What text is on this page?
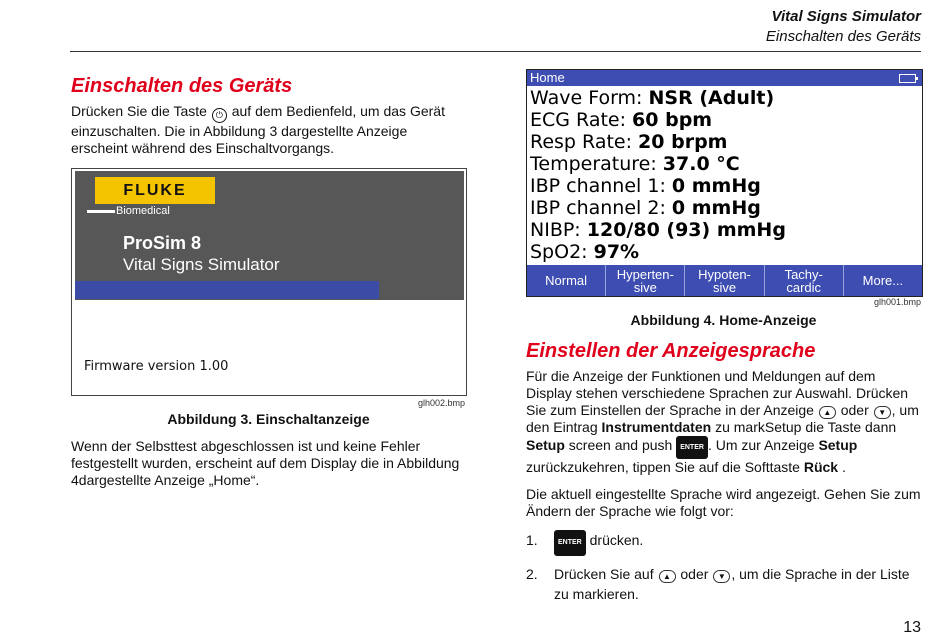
Vital Signs Simulator
Einschalten des Geräts
Einschalten des Geräts

Drücken Sie die Taste ⏻ auf dem Bedienfeld, um das Gerät einzuschalten. Die in Abbildung 3 dargestellte Anzeige erscheint während des Einschaltvorgangs.

FLUKE
Biomedical
ProSim 8
Vital Signs Simulator
Firmware version 1.00
glh002.bmp
Abbildung 3. Einschaltanzeige

Wenn der Selbsttest abgeschlossen ist und keine Fehler festgestellt wurden, erscheint auf dem Display die in Abbildung 4dargestellte Anzeige „Home“.

Home
Wave Form: NSR (Adult)
ECG Rate: 60 bpm
Resp Rate: 20 brpm
Temperature: 37.0 °C
IBP channel 1: 0 mmHg
IBP channel 2: 0 mmHg
NIBP: 120/80 (93) mmHg
SpO2: 97%
Normal Hyperten-
sive
Hypoten-
sive
Tachy-
cardic	More...
glh001.bmp
Abbildung 4. Home-Anzeige
Einstellen der Anzeigesprache

Für die Anzeige der Funktionen und Meldungen auf dem Display stehen verschiedene Sprachen zur Auswahl. Drücken Sie zum Einstellen der Sprache in der Anzeige ▲ oder ▼ , um den Eintrag Instrumentdaten zu markSetup die Taste dann Setup screen and push ENTER . Um zur Anzeige Setup zurückzukehren, tippen Sie auf die Softtaste Rück .

Die aktuell eingestellte Sprache wird angezeigt. Gehen Sie zum Ändern der Sprache wie folgt vor:

1.	ENTER drücken.
2. Drücken Sie auf ▲ oder ▼ , um die Sprache in der Liste zu markieren.
13
